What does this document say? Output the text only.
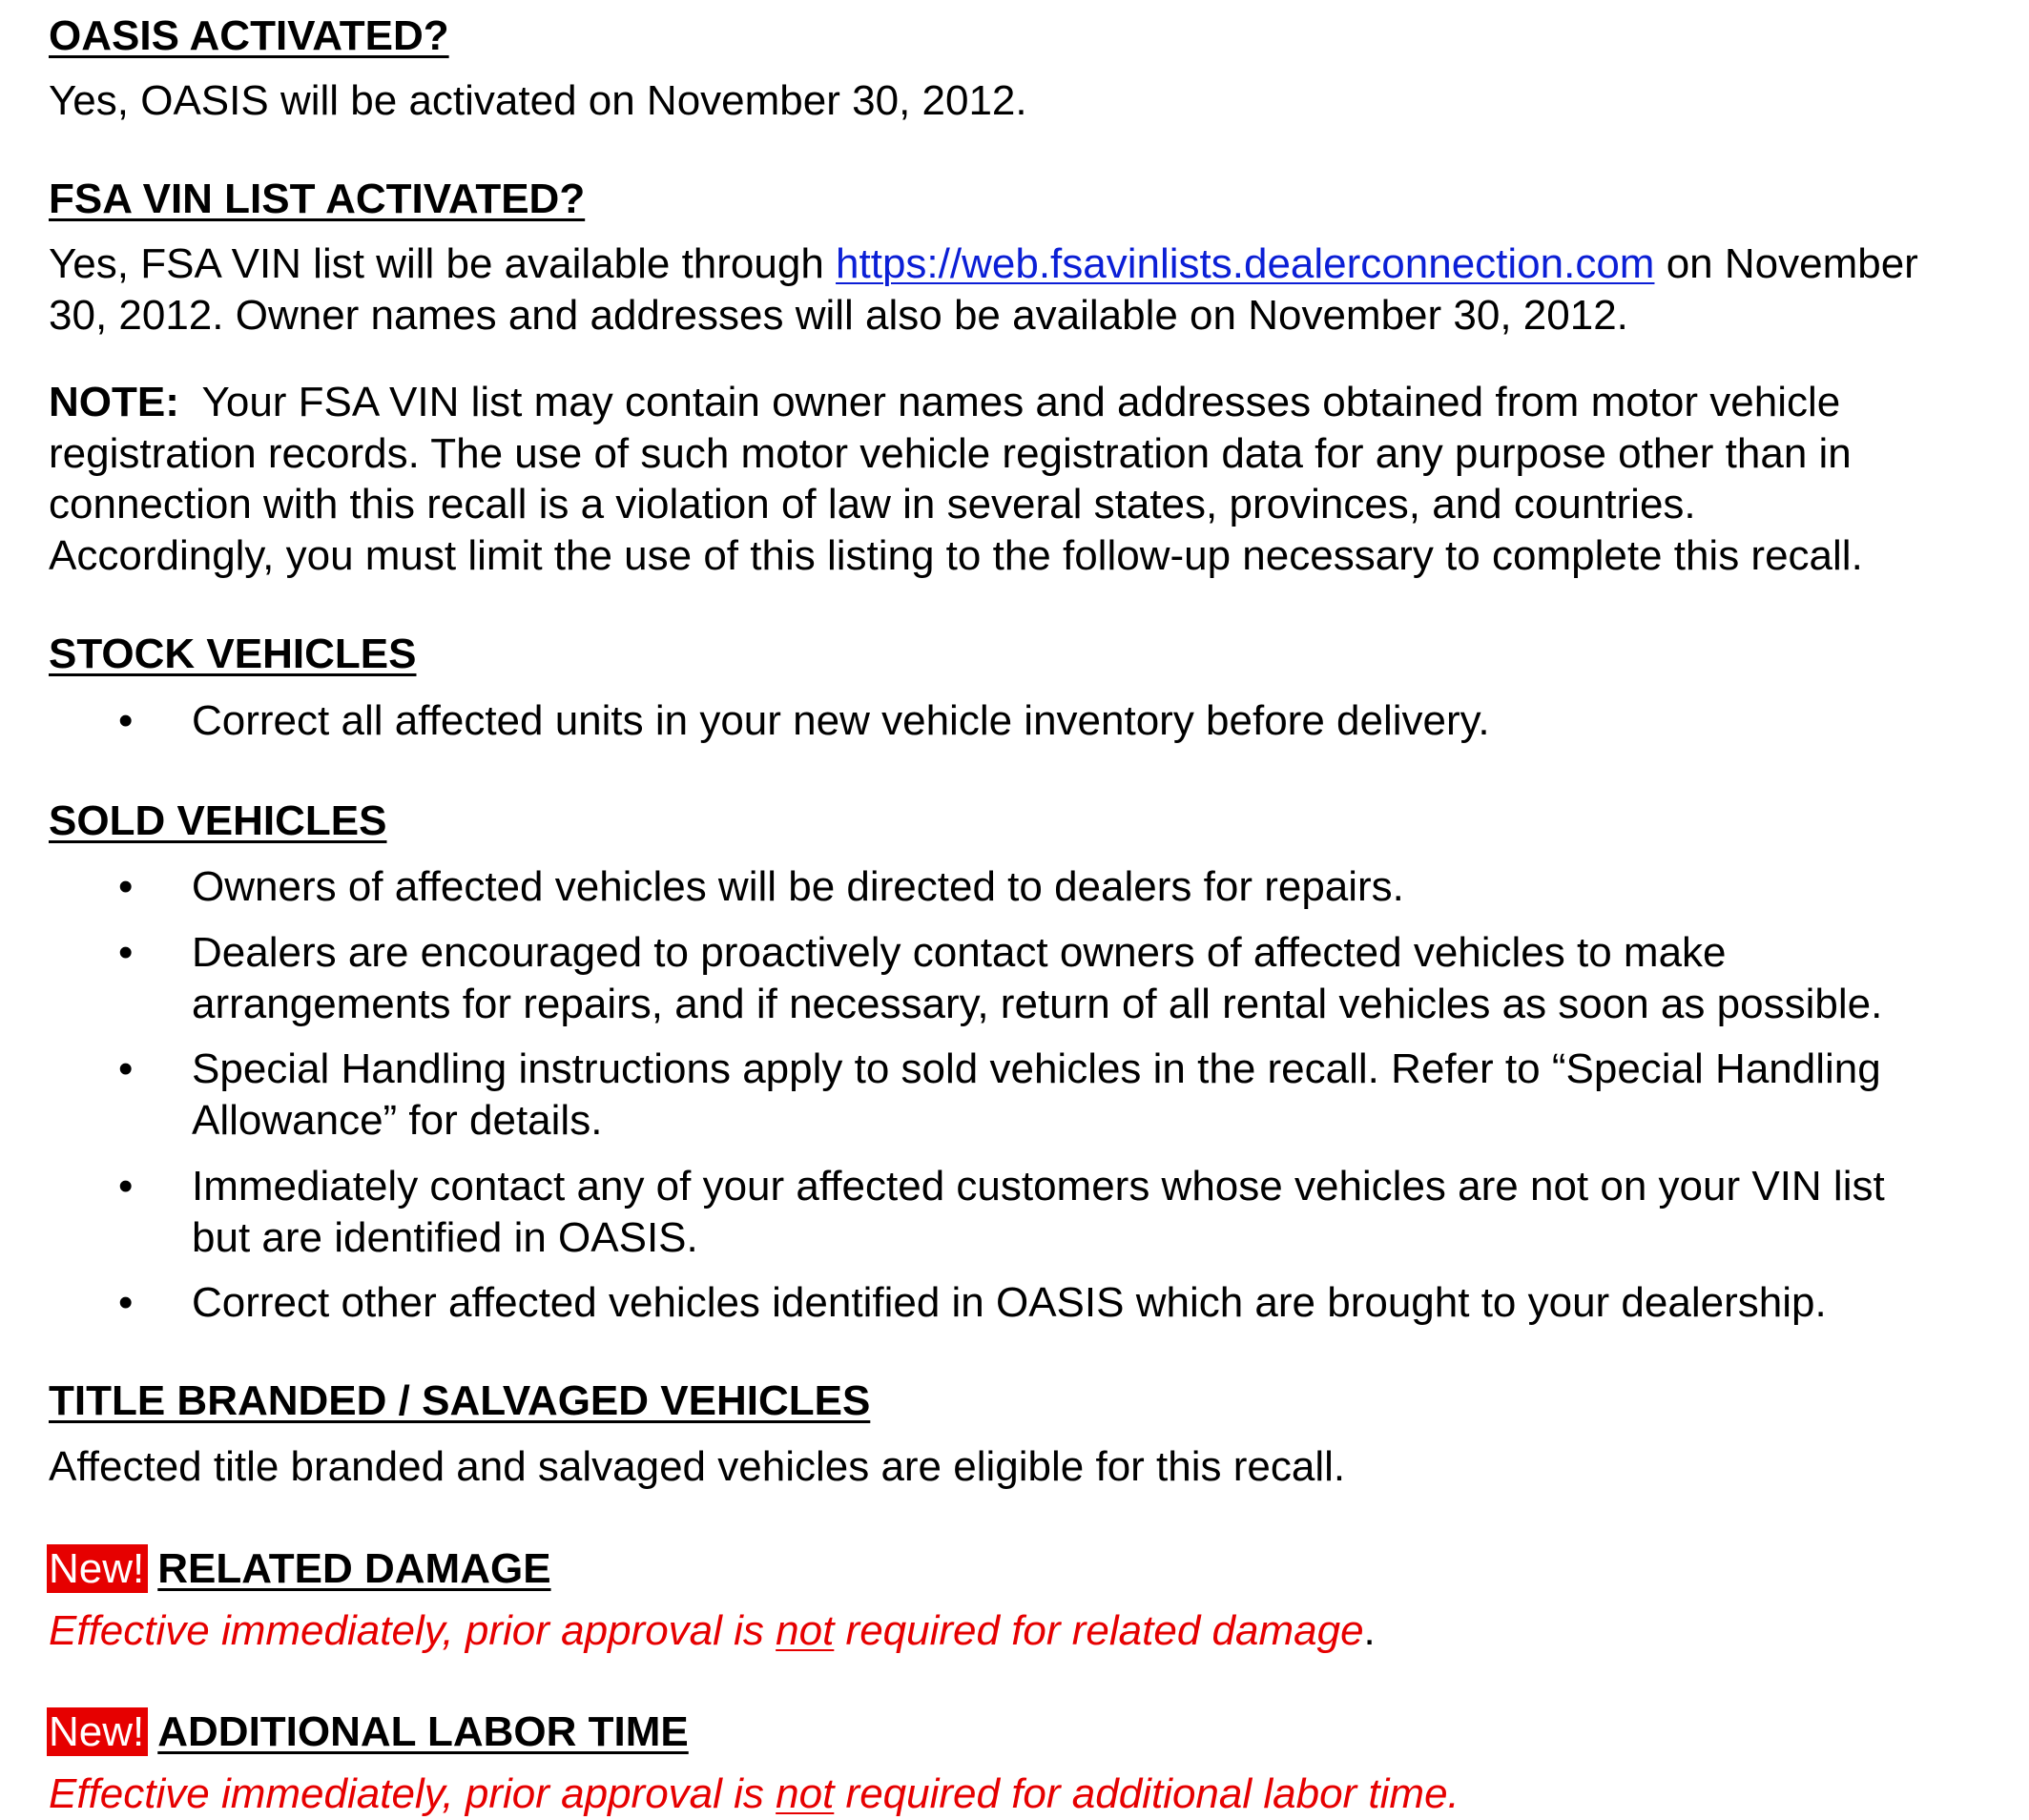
OASIS ACTIVATED?

Yes, OASIS will be activated on November 30, 2012.

FSA VIN LIST ACTIVATED?

Yes, FSA VIN list will be available through https://web.fsavinlists.dealerconnection.com on November

30, 2012. Owner names and addresses will also be available on November 30, 2012.

NOTE:  Your FSA VIN list may contain owner names and addresses obtained from motor vehicle

registration records. The use of such motor vehicle registration data for any purpose other than in

connection with this recall is a violation of law in several states, provinces, and countries.

Accordingly, you must limit the use of this listing to the follow-up necessary to complete this recall.

STOCK VEHICLES

•

Correct all affected units in your new vehicle inventory before delivery.

SOLD VEHICLES

•

Owners of affected vehicles will be directed to dealers for repairs.

•

Dealers are encouraged to proactively contact owners of affected vehicles to make

arrangements for repairs, and if necessary, return of all rental vehicles as soon as possible.

•

Special Handling instructions apply to sold vehicles in the recall. Refer to “Special Handling

Allowance” for details.

•

Immediately contact any of your affected customers whose vehicles are not on your VIN list

but are identified in OASIS.

•

Correct other affected vehicles identified in OASIS which are brought to your dealership.

TITLE BRANDED / SALVAGED VEHICLES

Affected title branded and salvaged vehicles are eligible for this recall.

New! RELATED DAMAGE

Effective immediately, prior approval is not required for related damage.

New! ADDITIONAL LABOR TIME

Effective immediately, prior approval is not required for additional labor time.
